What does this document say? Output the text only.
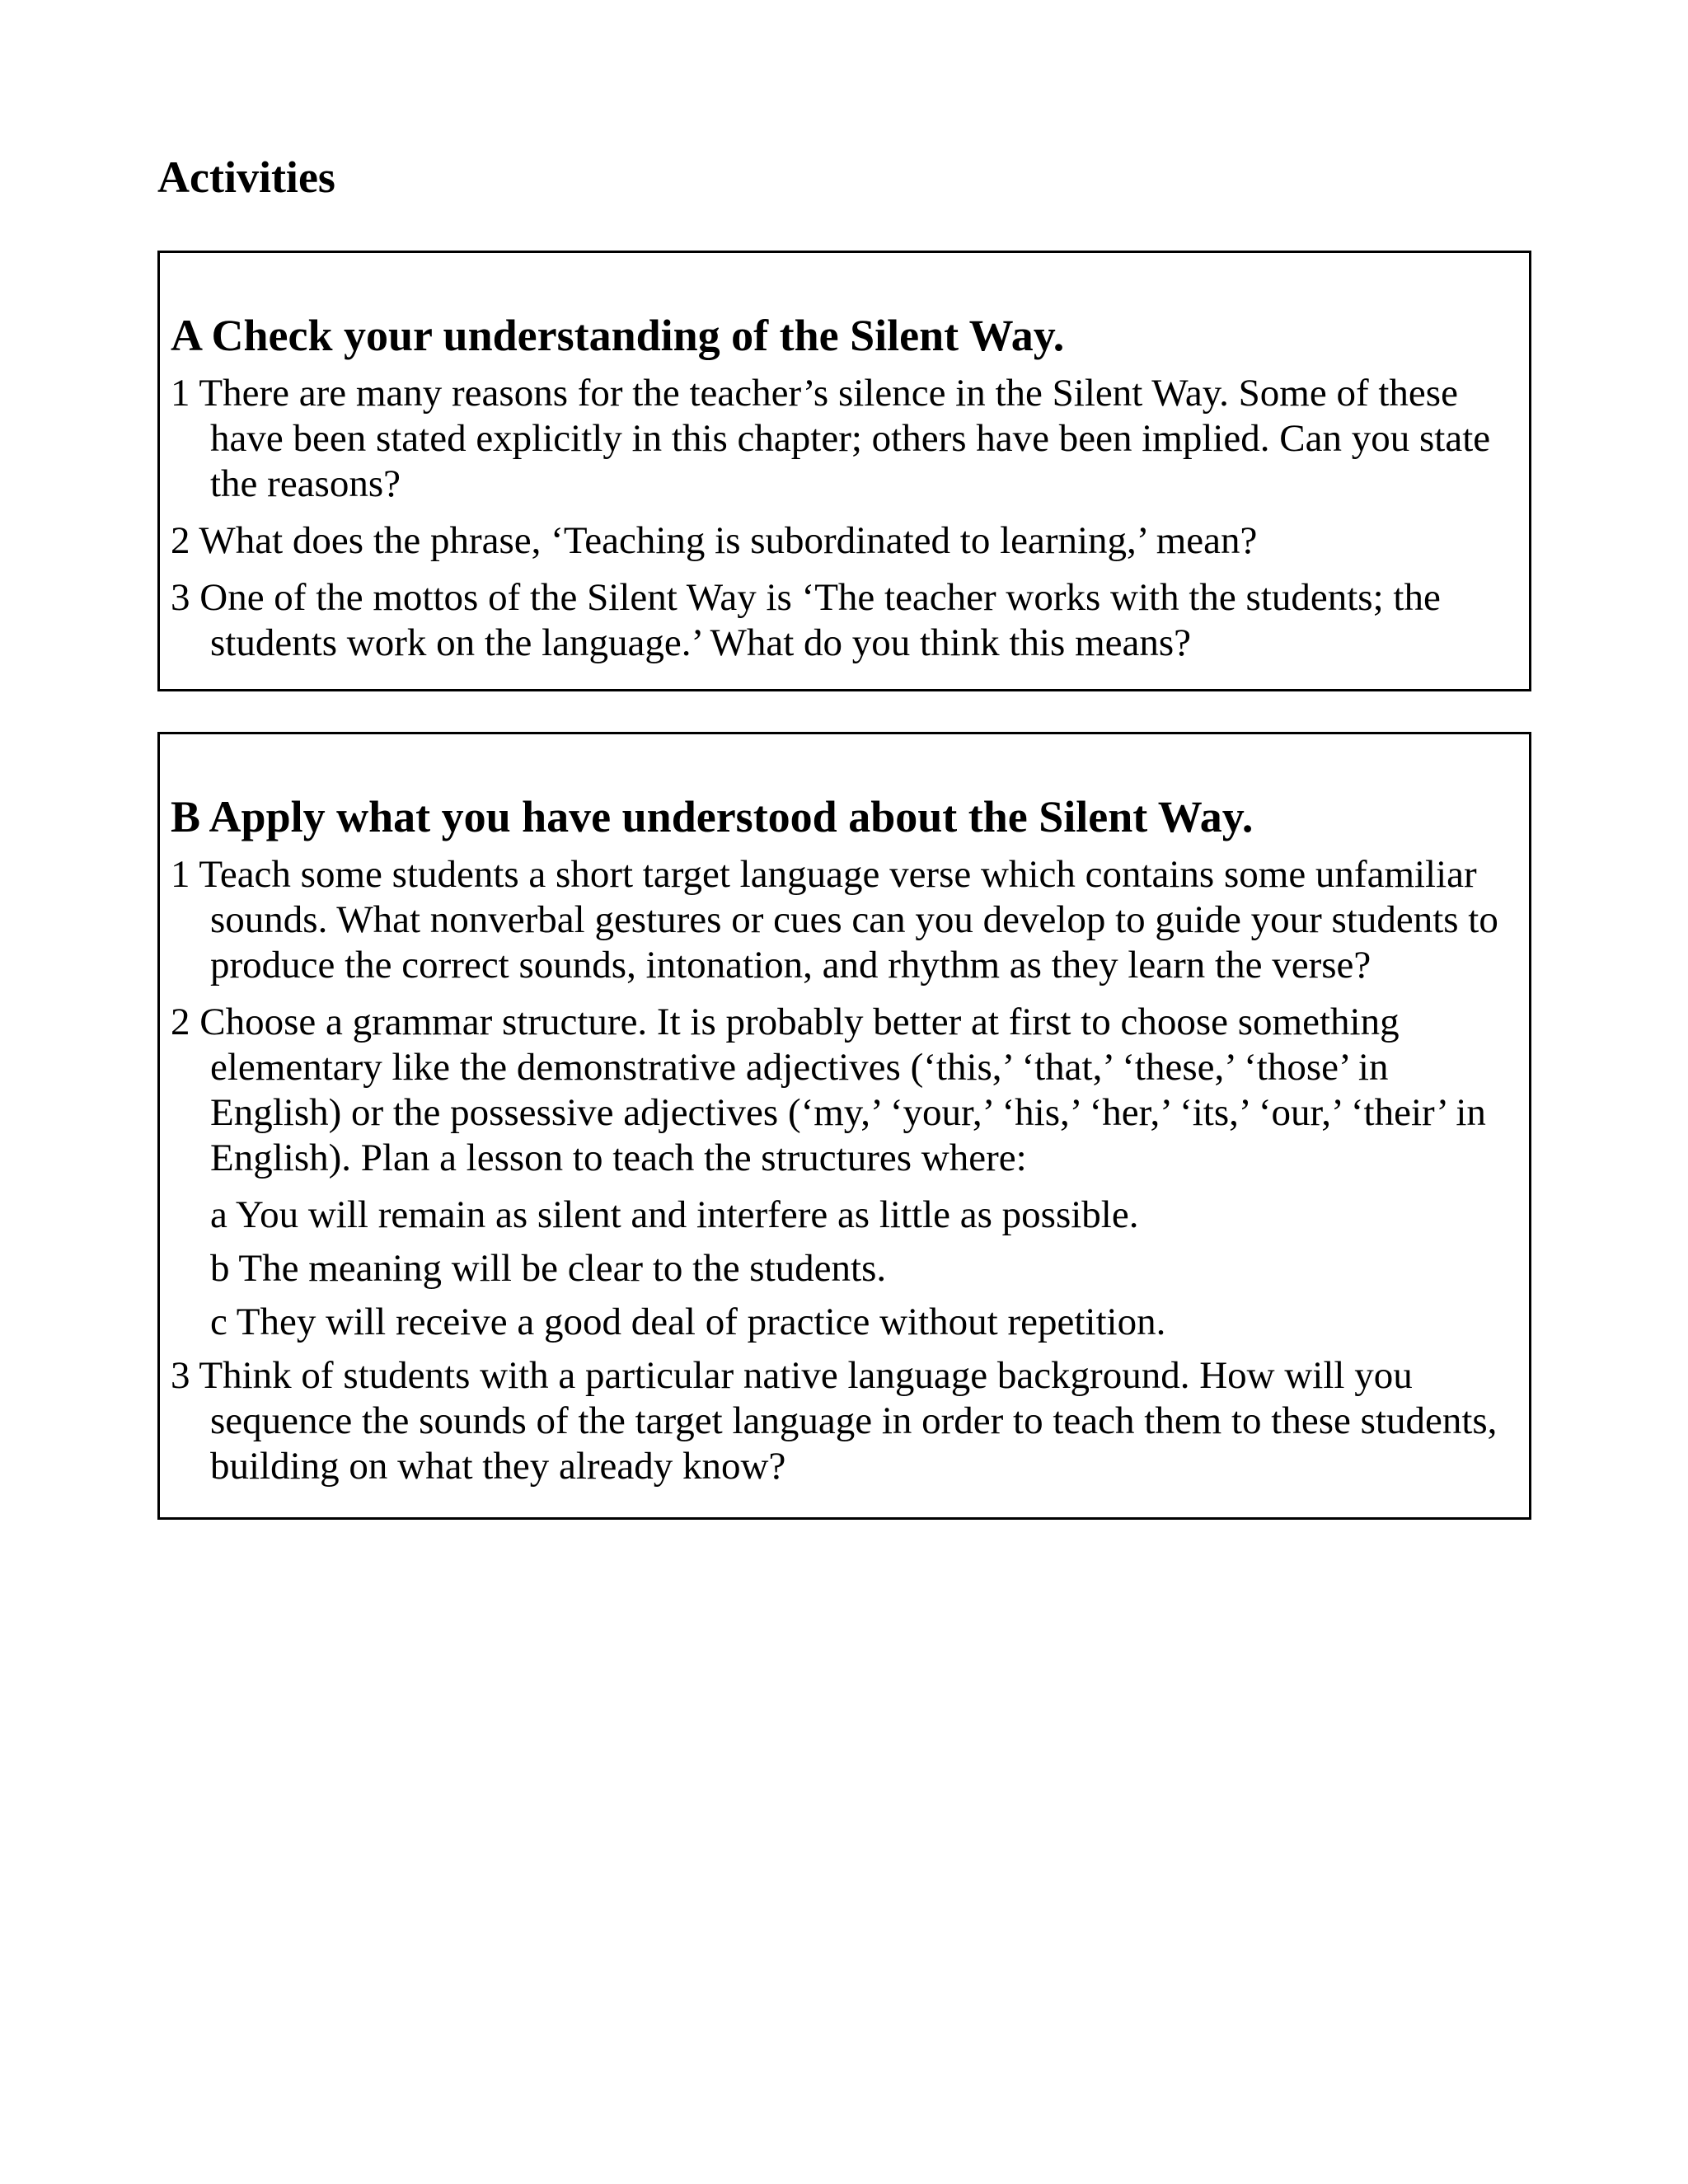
Activities
A Check your understanding of the Silent Way.

1 There are many reasons for the teacher’s silence in the Silent Way. Some of these have been stated explicitly in this chapter; others have been implied. Can you state the reasons?

2 What does the phrase, ‘Teaching is subordinated to learning,’ mean?

3 One of the mottos of the Silent Way is ‘The teacher works with the students; the students work on the language.’ What do you think this means?

B Apply what you have understood about the Silent Way.

1 Teach some students a short target language verse which contains some unfamiliar sounds. What nonverbal gestures or cues can you develop to guide your students to produce the correct sounds, intonation, and rhythm as they learn the verse?

2 Choose a grammar structure. It is probably better at first to choose something elementary like the demonstrative adjectives (‘this,’ ‘that,’ ‘these,’ ‘those’ in English) or the possessive adjectives (‘my,’ ‘your,’ ‘his,’ ‘her,’ ‘its,’ ‘our,’ ‘their’ in English). Plan a lesson to teach the structures where:

a You will remain as silent and interfere as little as possible.

b The meaning will be clear to the students.

c They will receive a good deal of practice without repetition.

3 Think of students with a particular native language background. How will you sequence the sounds of the target language in order to teach them to these students, building on what they already know?
